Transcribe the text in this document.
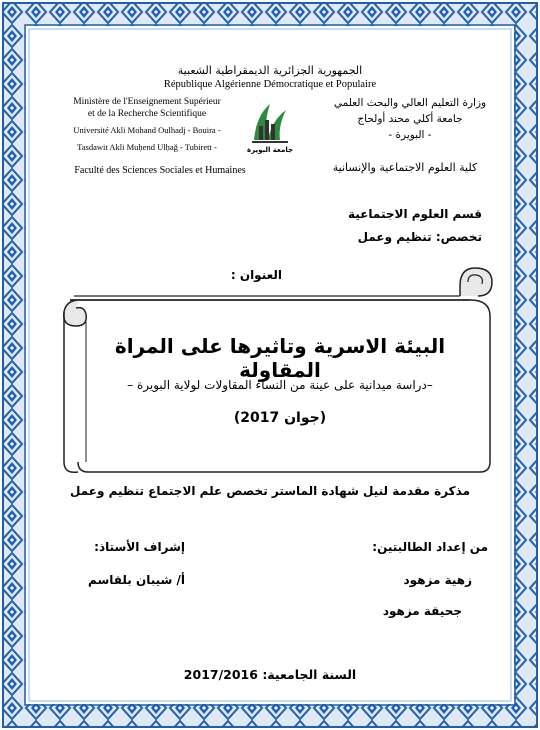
الجمهورية الجزائرية الديمقراطية الشعبية
République Algérienne Démocratique et Populaire
Ministère de l'Enseignement Supérieur
et de la Recherche Scientifique
Université Akli Mohand Oulhadj - Bouira -
Tasdawit Akli Muḥend Ulḥağ - Tubirett -
Faculté des Sciences Sociales et Humaines
جامعة البويرة
وزارة التعليم العالي والبحث العلمي
جامعة أكلي محند أولحاج
- البويرة -
كلية العلوم الاجتماعية والإنسانية
قسم العلوم الاجتماعية
تخصص: تنظيم وعمل
العنوان :
البيئة الاسرية وتاثيرها على المراة المقاولة
–دراسة ميدانية على عينة من النساء المقاولات لولاية البويرة –
(جوان 2017)
مذكرة مقدمة لنيل شهادة الماستر تخصص علم الاجتماع تنظيم وعمل
من إعداد الطالبتين:
زهية مزهود
جحيقة مزهود
إشراف الأستاذ:
أ/ شيبان بلقاسم
السنة الجامعية: 2017/2016
